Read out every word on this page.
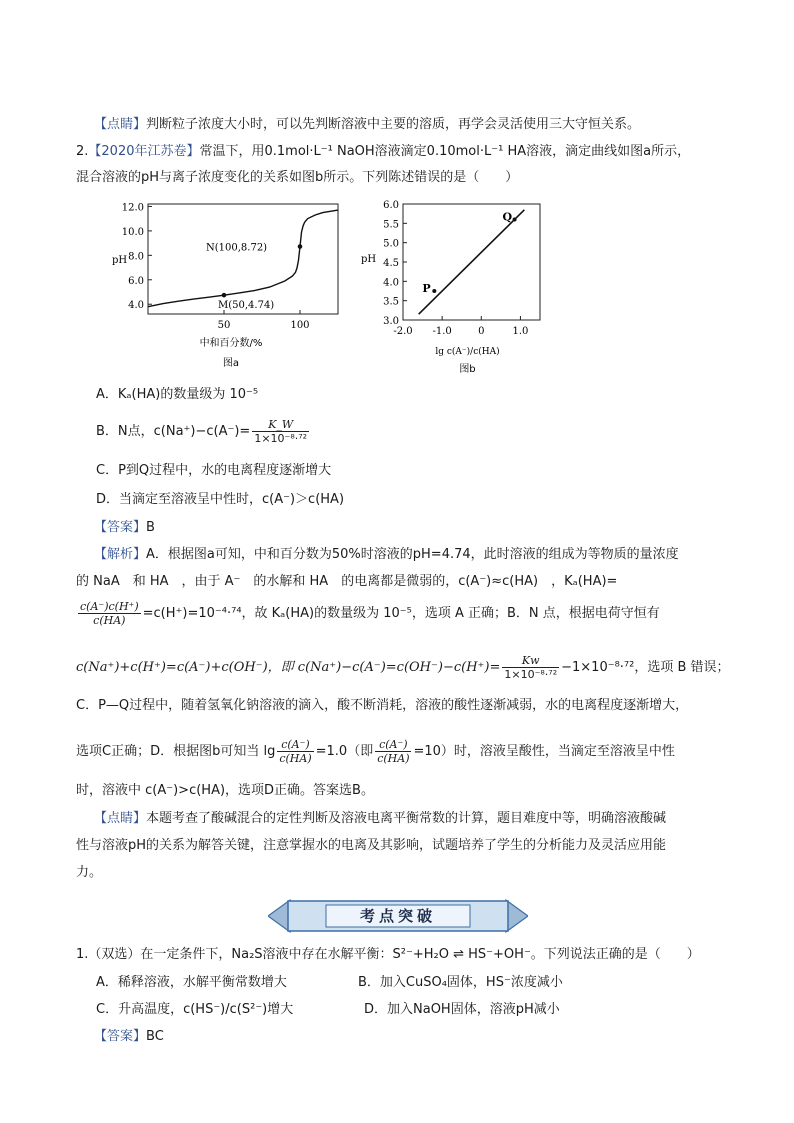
【点睛】判断粒子浓度大小时，可以先判断溶液中主要的溶质，再学会灵活使用三大守恒关系。
2.【2020年江苏卷】常温下，用0.1mol·L⁻¹ NaOH溶液滴定0.10mol·L⁻¹ HA溶液，滴定曲线如图a所示，
混合溶液的pH与离子浓度变化的关系如图b所示。下列陈述错误的是（　　）
4.0
6.0
8.0
10.0
12.0
50	100
M(50,4.74)
N(100,8.72)
pH
中和百分数/%
图a
3.0
3.5
4.0
4.5
5.0
5.5
6.0
-2.0 -1.0	0	1.0
P
Q
pH
lg c(A⁻)/c(HA)
图b
A．Kₐ(HA)的数量级为 10⁻⁵
B．N点，$c(Na^+)-c(A^-)= \frac{K\_W}{\text{1×10⁻⁸·⁷²}}$
C．P到Q过程中，水的电离程度逐渐增大
D．当滴定至溶液呈中性时，c(A⁻)＞c(HA)
【答案】B
【解析】A．根据图a可知，中和百分数为50%时溶液的pH=4.74，此时溶液的组成为等物质的量浓度
的 NaA　和 HA　，由于 A⁻　的水解和 HA　的电离都是微弱的，c(A⁻)≈c(HA)　，Kₐ(HA)=
$\frac{c(A^-)c(H^+)}{c(HA)} =c(H^+)=10^{-4}\cdot^{74}$，故 Kₐ(HA)的数量级为 10⁻⁵，选项 A 正确；B．N 点，根据电荷守恒有
c(Na⁺)+c(H⁺)=c(A⁻)+c(OH⁻)，即 $c(Na^+)-c(A^-)=c(OH^-)-c(H^+)= \frac{Kw}{\text{1×10⁻⁸·⁷²}} -1\times 10^{-8}\cdot^{72}$，选项 B 错误；
C．P—Q过程中，随着氢氧化钠溶液的滴入，酸不断消耗，溶液的酸性逐渐减弱，水的电离程度逐渐增大，
选项C正确；D．根据图b可知当 $\lg \frac{c(A^-)}{c(HA)} =1.0$（即 $\frac{c(A^-)}{c(HA)} =10$）时，溶液呈酸性，当滴定至溶液呈中性
时，溶液中 c(A⁻)>c(HA)，选项D正确。答案选B。
【点睛】本题考查了酸碱混合的定性判断及溶液电离平衡常数的计算，题目难度中等，明确溶液酸碱
性与溶液pH的关系为解答关键，注意掌握水的电离及其影响，试题培养了学生的分析能力及灵活应用能
力。
考点突破
1.（双选）在一定条件下，Na₂S溶液中存在水解平衡：S²⁻+H₂O ⇌ HS⁻+OH⁻。下列说法正确的是（　　）
A．稀释溶液，水解平衡常数增大	B．加入CuSO₄固体，HS⁻浓度减小
C．升高温度，c(HS⁻)/c(S²⁻)增大	D．加入NaOH固体，溶液pH减小
【答案】BC
